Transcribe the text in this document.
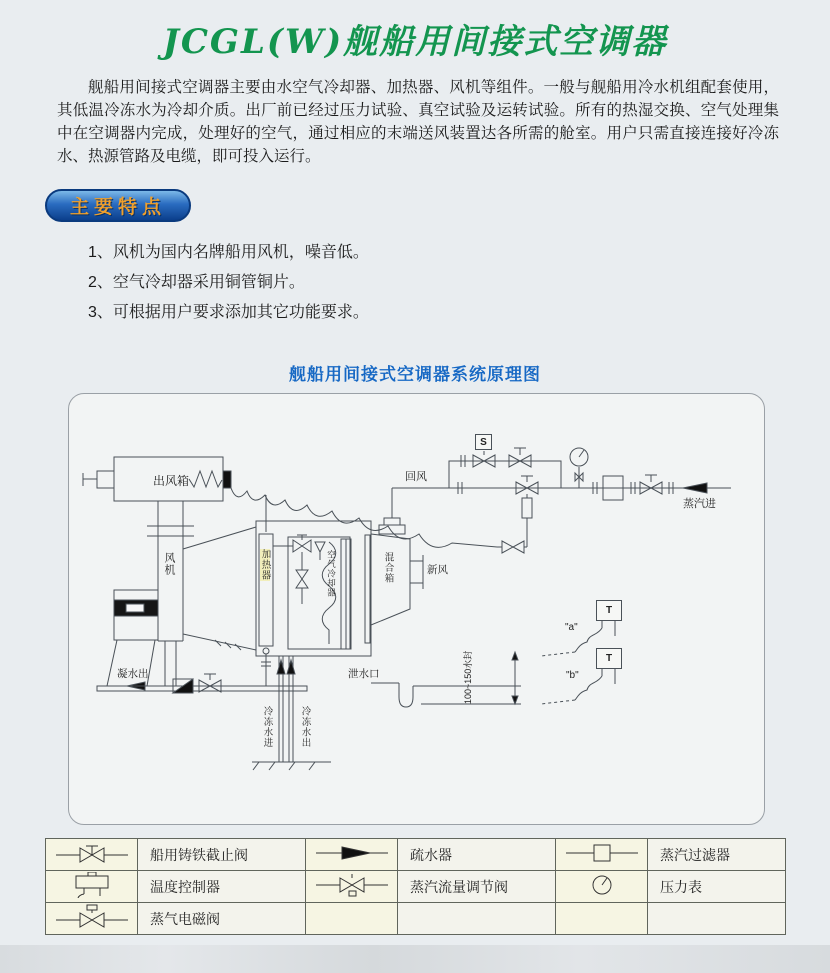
JCGL(W)舰船用间接式空调器
舰船用间接式空调器主要由水空气冷却器、加热器、风机等组件。一般与舰船用冷水机组配套使用，其低温冷冻水为冷却介质。出厂前已经过压力试验、真空试验及运转试验。所有的热湿交换、空气处理集中在空调器内完成，处理好的空气，通过相应的末端送风装置达各所需的舱室。用户只需直接连接好冷冻水、热源管路及电缆，即可投入运行。
主要特点
1、风机为国内名牌船用风机，噪音低。
2、空气冷却器采用铜管铜片。
3、可根据用户要求添加其它功能要求。
舰船用间接式空调器系统原理图
出风箱
风机	加热器	空气冷却器	混合箱	新风
回风
蒸汽进
S
T
T
"a"
"b"
凝水出
冷冻水进	冷冻水出
泄水口	100~150水封
	船用铸铁截止阀		疏水器		蒸汽过滤器
	温度控制器		蒸汽流量调节阀		压力表
	蒸气电磁阀				
